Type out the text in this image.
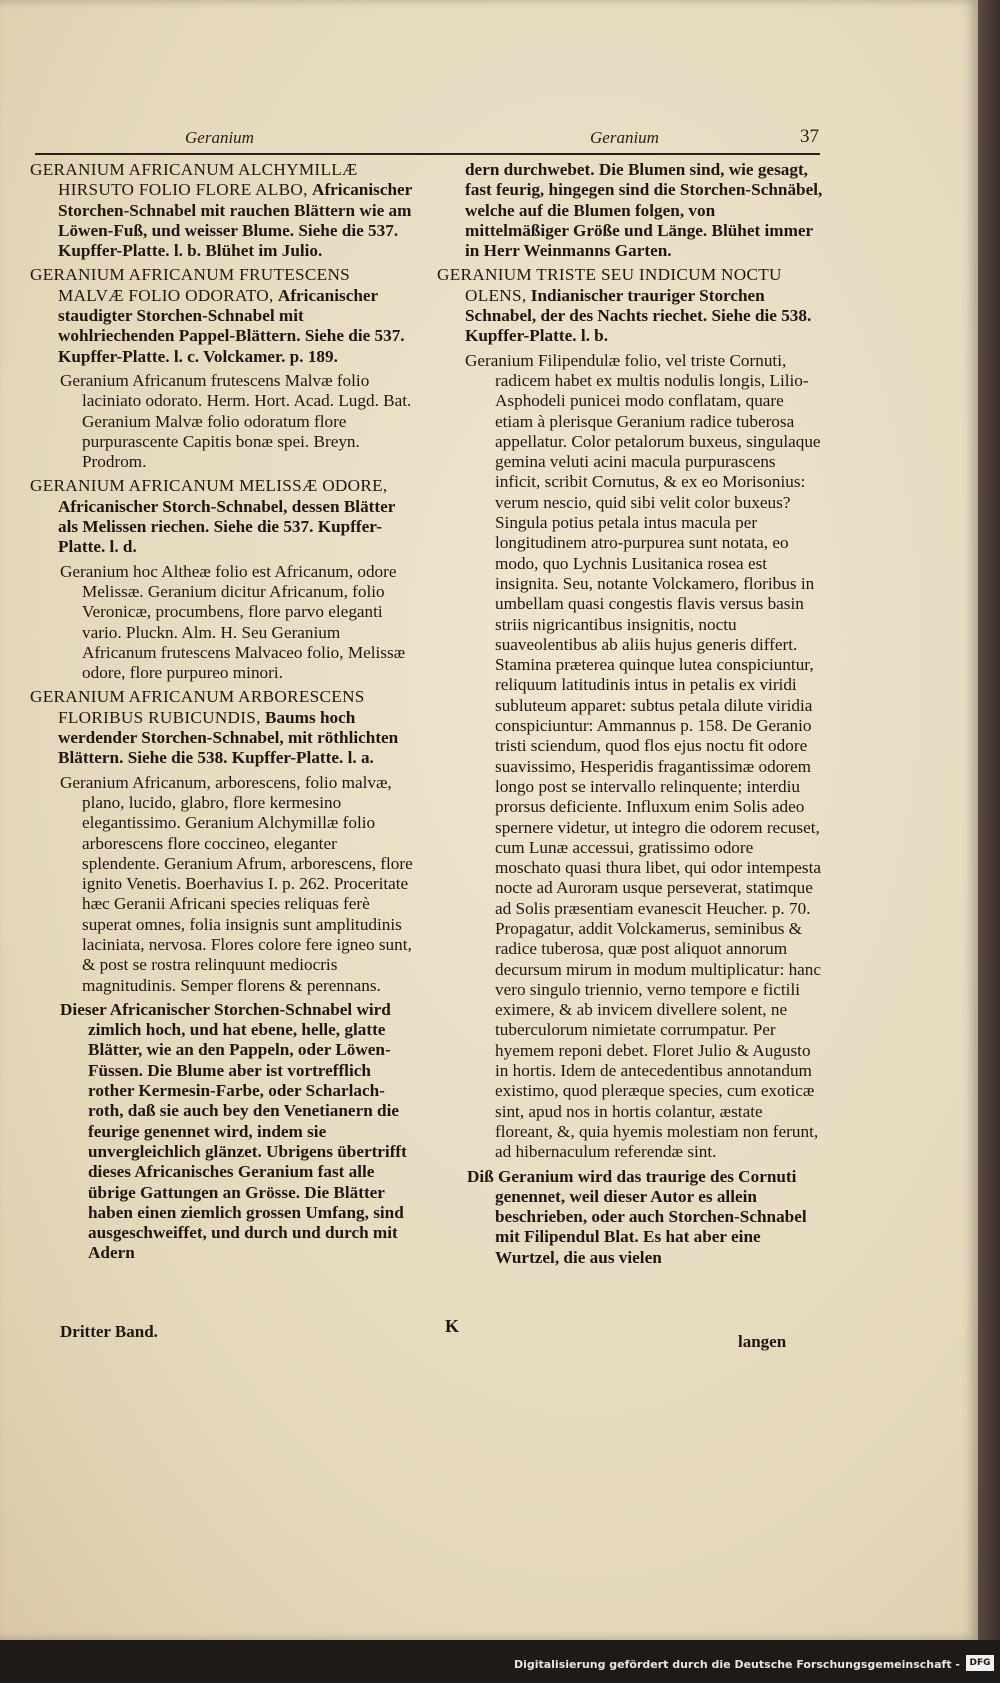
Geranium	Geranium	37

GERANIUM AFRICANUM ALCHYMILLÆ HIRSUTO FOLIO FLORE ALBO, Africanischer Storchen-Schnabel mit rauchen Blättern wie am Löwen-Fuß, und weisser Blume. Siehe die 537. Kupffer-Platte. l. b. Blühet im Julio.

GERANIUM AFRICANUM FRUTESCENS MALVÆ FOLIO ODORATO, Africanischer staudigter Storchen-Schnabel mit wohlriechenden Pappel-Blättern. Siehe die 537. Kupffer-Platte. l. c. Volckamer. p. 189.

Geranium Africanum frutescens Malvæ folio laciniato odorato. Herm. Hort. Acad. Lugd. Bat. Geranium Malvæ folio odoratum flore purpurascente Capitis bonæ spei. Breyn. Prodrom.

GERANIUM AFRICANUM MELISSÆ ODORE, Africanischer Storch-Schnabel, dessen Blätter als Melissen riechen. Siehe die 537. Kupffer-Platte. l. d.

Geranium hoc Altheæ folio est Africanum, odore Melissæ. Geranium dicitur Africanum, folio Veronicæ, procumbens, flore parvo eleganti vario. Pluckn. Alm. H. Seu Geranium Africanum frutescens Malvaceo folio, Melissæ odore, flore purpureo minori.

GERANIUM AFRICANUM ARBORESCENS FLORIBUS RUBICUNDIS, Baums hoch werdender Storchen-Schnabel, mit röthlichten Blättern. Siehe die 538. Kupffer-Platte. l. a.

Geranium Africanum, arborescens, folio malvæ, plano, lucido, glabro, flore kermesino elegantissimo. Geranium Alchymillæ folio arborescens flore coccineo, eleganter splendente. Geranium Afrum, arborescens, flore ignito Venetis. Boerhavius I. p. 262. Proceritate hæc Geranii Africani species reliquas ferè superat omnes, folia insignis sunt amplitudinis laciniata, nervosa. Flores colore fere igneo sunt, & post se rostra relinquunt mediocris magnitudinis. Semper florens & perennans.

Dieser Africanischer Storchen-Schnabel wird zimlich hoch, und hat ebene, helle, glatte Blätter, wie an den Pappeln, oder Löwen-Füssen. Die Blume aber ist vortrefflich rother Kermesin-Farbe, oder Scharlach-roth, daß sie auch bey den Venetianern die feurige genennet wird, indem sie unvergleichlich glänzet. Ubrigens übertrifft dieses Africanisches Geranium fast alle übrige Gattungen an Grösse. Die Blätter haben einen ziemlich grossen Umfang, sind ausgeschweiffet, und durch und durch mit Adern

dern durchwebet. Die Blumen sind, wie gesagt, fast feurig, hingegen sind die Storchen-Schnäbel, welche auf die Blumen folgen, von mittelmäßiger Größe und Länge. Blühet immer in Herr Weinmanns Garten.

GERANIUM TRISTE SEU INDICUM NOCTU OLENS, Indianischer trauriger Storchen Schnabel, der des Nachts riechet. Siehe die 538. Kupffer-Platte. l. b.

Geranium Filipendulæ folio, vel triste Cornuti, radicem habet ex multis nodulis longis, Lilio-Asphodeli punicei modo conflatam, quare etiam à plerisque Geranium radice tuberosa appellatur. Color petalorum buxeus, singulaque gemina veluti acini macula purpurascens inficit, scribit Cornutus, & ex eo Morisonius: verum nescio, quid sibi velit color buxeus? Singula potius petala intus macula per longitudinem atro-purpurea sunt notata, eo modo, quo Lychnis Lusitanica rosea est insignita. Seu, notante Volckamero, floribus in umbellam quasi congestis flavis versus basin striis nigricantibus insignitis, noctu suaveolentibus ab aliis hujus generis differt. Stamina præterea quinque lutea conspiciuntur, reliquum latitudinis intus in petalis ex viridi subluteum apparet: subtus petala dilute viridia conspiciuntur: Ammannus p. 158. De Geranio tristi sciendum, quod flos ejus noctu fit odore suavissimo, Hesperidis fragantissimæ odorem longo post se intervallo relinquente; interdiu prorsus deficiente. Influxum enim Solis adeo spernere videtur, ut integro die odorem recuset, cum Lunæ accessui, gratissimo odore moschato quasi thura libet, qui odor intempesta nocte ad Auroram usque perseverat, statimque ad Solis præsentiam evanescit Heucher. p. 70. Propagatur, addit Volckamerus, seminibus & radice tuberosa, quæ post aliquot annorum decursum mirum in modum multiplicatur: hanc vero singulo triennio, verno tempore e fictili eximere, & ab invicem divellere solent, ne tuberculorum nimietate corrumpatur. Per hyemem reponi debet. Floret Julio & Augusto in hortis. Idem de antecedentibus annotandum existimo, quod pleræque species, cum exoticæ sint, apud nos in hortis colantur, æstate floreant, &, quia hyemis molestiam non ferunt, ad hibernaculum referendæ sint.

Diß Geranium wird das traurige des Cornuti genennet, weil dieser Autor es allein beschrieben, oder auch Storchen-Schnabel mit Filipendul Blat. Es hat aber eine Wurtzel, die aus vielen

Dritter Band.	K
langen
Digitalisierung gefördert durch die Deutsche Forschungsgemeinschaft -	DFG
